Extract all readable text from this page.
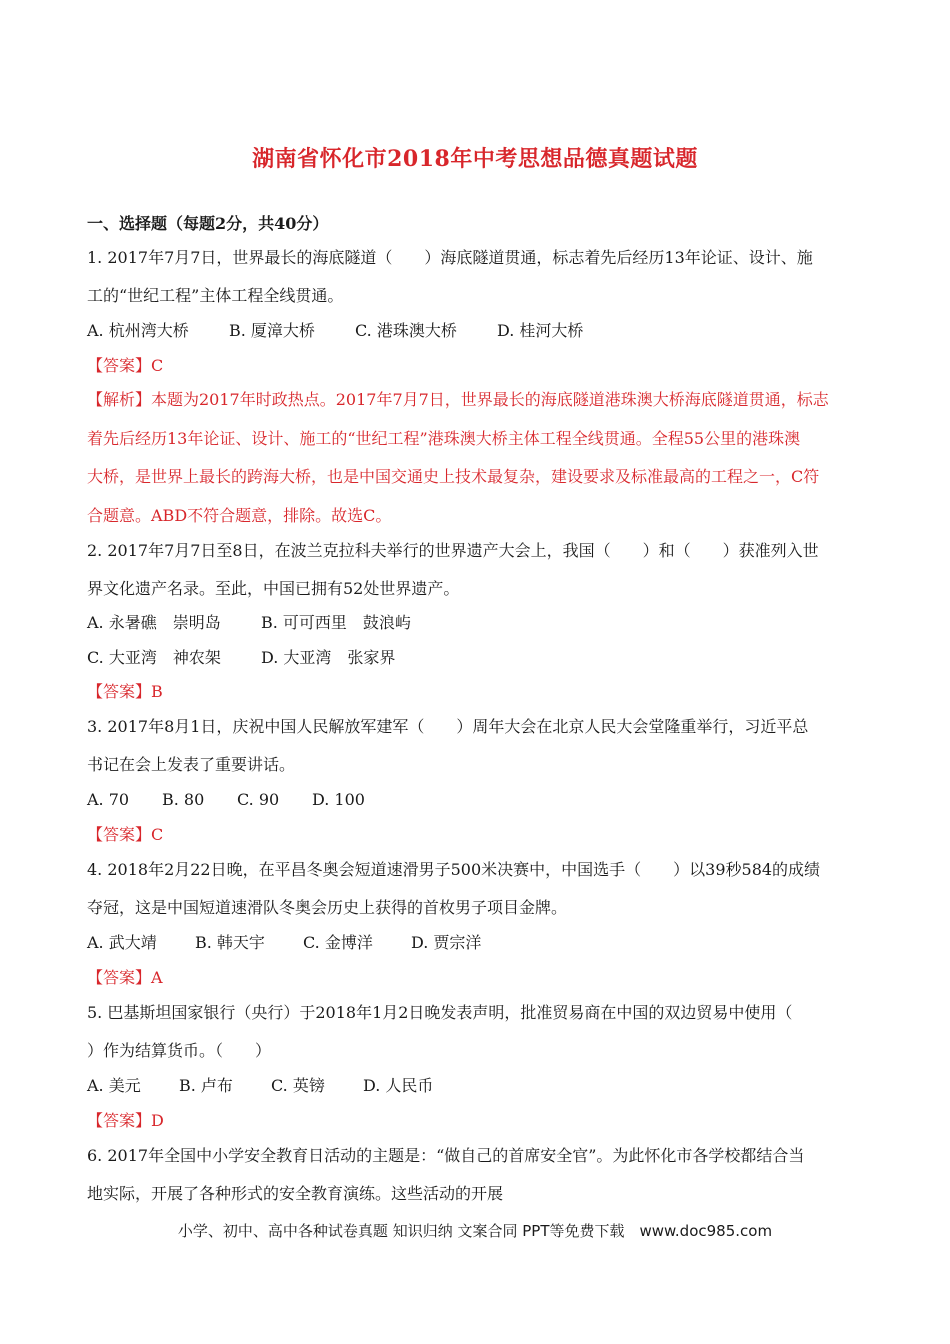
湖南省怀化市2018年中考思想品德真题试题
一、选择题（每题2分，共40分）
1. 2017年7月7日，世界最长的海底隧道（　　）海底隧道贯通，标志着先后经历13年论证、设计、施
工的“世纪工程”主体工程全线贯通。
A. 杭州湾大桥	B. 厦漳大桥	C. 港珠澳大桥	D. 桂河大桥
【答案】C
【解析】本题为2017年时政热点。2017年7月7日，世界最长的海底隧道港珠澳大桥海底隧道贯通，标志
着先后经历13年论证、设计、施工的“世纪工程”港珠澳大桥主体工程全线贯通。全程55公里的港珠澳
大桥，是世界上最长的跨海大桥，也是中国交通史上技术最复杂，建设要求及标准最高的工程之一，C符
合题意。ABD不符合题意，排除。故选C。
2. 2017年7月7日至8日，在波兰克拉科夫举行的世界遗产大会上，我国（　　）和（　　）获准列入世
界文化遗产名录。至此，中国已拥有52处世界遗产。
A. 永暑礁　崇明岛	B. 可可西里　鼓浪屿
C. 大亚湾　神农架	D. 大亚湾　张家界
【答案】B
3. 2017年8月1日，庆祝中国人民解放军建军（　　）周年大会在北京人民大会堂隆重举行，习近平总
书记在会上发表了重要讲话。
A. 70 B. 80 C. 90 D. 100
【答案】C
4. 2018年2月22日晚，在平昌冬奥会短道速滑男子500米决赛中，中国选手（　　）以39秒584的成绩
夺冠，这是中国短道速滑队冬奥会历史上获得的首枚男子项目金牌。
A. 武大靖 B. 韩天宇 C. 金博洋 D. 贾宗洋
【答案】A
5. 巴基斯坦国家银行（央行）于2018年1月2日晚发表声明，批准贸易商在中国的双边贸易中使用（
）作为结算货币。（　　）
A. 美元 B. 卢布 C. 英镑 D. 人民币
【答案】D
6. 2017年全国中小学安全教育日活动的主题是：“做自己的首席安全官”。为此怀化市各学校都结合当
地实际，开展了各种形式的安全教育演练。这些活动的开展
小学、初中、高中各种试卷真题 知识归纳 文案合同 PPT等免费下载　www.doc985.com
